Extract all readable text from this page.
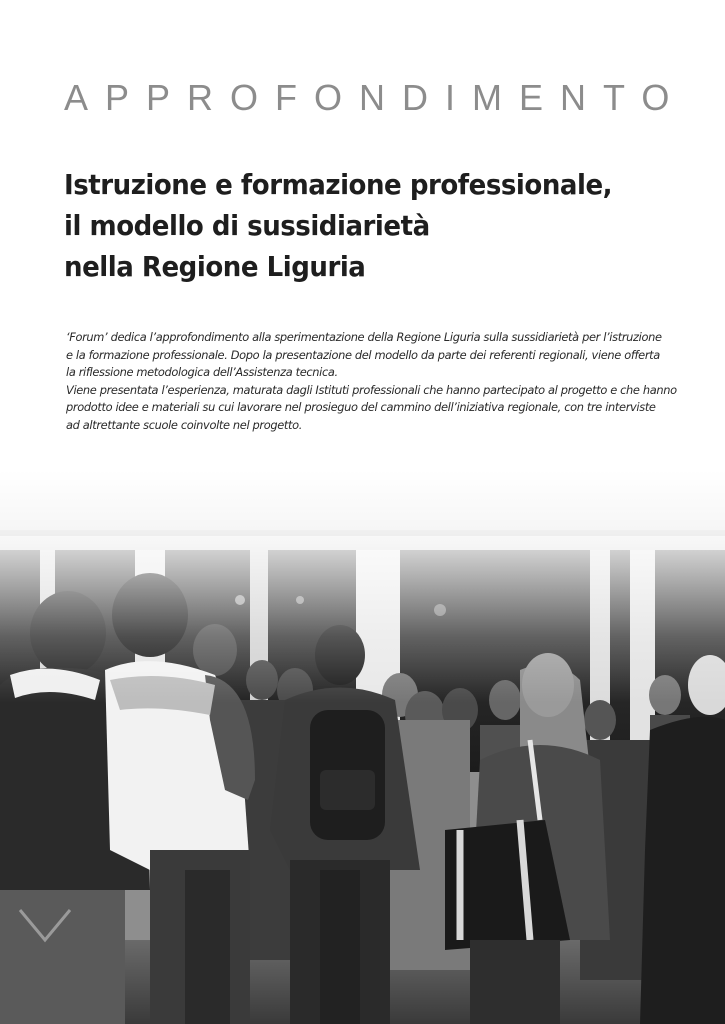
APPROFONDIMENTO
Istruzione e formazione professionale,
il modello di sussidiarietà
nella Regione Liguria

‘Forum’ dedica l’approfondimento alla sperimentazione della Regione Liguria sulla sussidiarietà per l’istruzione
e la formazione professionale. Dopo la presentazione del modello da parte dei referenti regionali, viene offerta
la riflessione metodologica dell’Assistenza tecnica.

Viene presentata l’esperienza, maturata dagli Istituti professionali che hanno partecipato al progetto e che hanno
prodotto idee e materiali su cui lavorare nel prosieguo del cammino dell’iniziativa regionale, con tre interviste
ad altrettante scuole coinvolte nel progetto.
